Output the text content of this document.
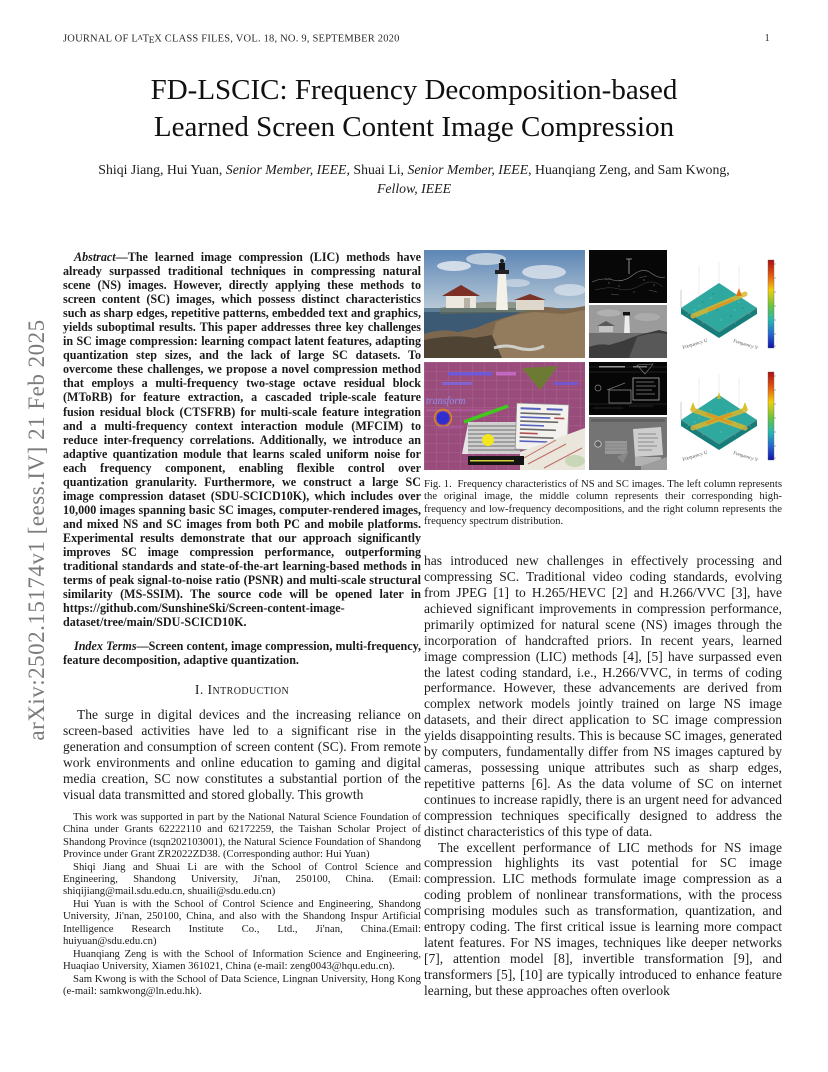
JOURNAL OF LATEX CLASS FILES, VOL. 18, NO. 9, SEPTEMBER 2020	1
arXiv:2502.15174v1 [eess.IV] 21 Feb 2025
FD-LSCIC: Frequency Decomposition-based
Learned Screen Content Image Compression
Shiqi Jiang, Hui Yuan, Senior Member, IEEE, Shuai Li, Senior Member, IEEE, Huanqiang Zeng, and Sam Kwong, Fellow, IEEE

Abstract—The learned image compression (LIC) methods have already surpassed traditional techniques in compressing natural scene (NS) images. However, directly applying these methods to screen content (SC) images, which possess distinct characteristics such as sharp edges, repetitive patterns, embedded text and graphics, yields suboptimal results. This paper addresses three key challenges in SC image compression: learning compact latent features, adapting quantization step sizes, and the lack of large SC datasets. To overcome these challenges, we propose a novel compression method that employs a multi-frequency two-stage octave residual block (MToRB) for feature extraction, a cascaded triple-scale feature fusion residual block (CTSFRB) for multi-scale feature integration and a multi-frequency context interaction module (MFCIM) to reduce inter-frequency correlations. Additionally, we introduce an adaptive quantization module that learns scaled uniform noise for each frequency component, enabling flexible control over quantization granularity. Furthermore, we construct a large SC image compression dataset (SDU-SCICD10K), which includes over 10,000 images spanning basic SC images, computer-rendered images, and mixed NS and SC images from both PC and mobile platforms. Experimental results demonstrate that our approach significantly improves SC image compression performance, outperforming traditional standards and state-of-the-art learning-based methods in terms of peak signal-to-noise ratio (PSNR) and multi-scale structural similarity (MS-SSIM). The source code will be opened later in https://github.com/SunshineSki/Screen-content-image-dataset/tree/main/SDU-SCICD10K.

Index Terms—Screen content, image compression, multi-frequency, feature decomposition, adaptive quantization.

I. Introduction

The surge in digital devices and the increasing reliance on screen-based activities have led to a significant rise in the generation and consumption of screen content (SC). From remote work environments and online education to gaming and digital media creation, SC now constitutes a substantial portion of the visual data transmitted and stored globally. This growth

This work was supported in part by the National Natural Science Foundation of China under Grants 62222110 and 62172259, the Taishan Scholar Project of Shandong Province (tsqn202103001), the Natural Science Foundation of Shandong Province under Grant ZR2022ZD38. (Corresponding author: Hui Yuan)

Shiqi Jiang and Shuai Li are with the School of Control Science and Engineering, Shandong University, Ji'nan, 250100, China. (Email: shiqijiang@mail.sdu.edu.cn, shuaili@sdu.edu.cn)

Hui Yuan is with the School of Control Science and Engineering, Shandong University, Ji'nan, 250100, China, and also with the Shandong Inspur Artificial Intelligence Research Institute Co., Ltd., Ji'nan, China.(Email: huiyuan@sdu.edu.cn)

Huanqiang Zeng is with the School of Information Science and Engineering, Huaqiao University, Xiamen 361021, China (e-mail: zeng0043@hqu.edu.cn).

Sam Kwong is with the School of Data Science, Lingnan University, Hong Kong (e-mail: samkwong@ln.edu.hk).

transform
Frequency U	Frequency V
Frequency U	Frequency V
Fig. 1. Frequency characteristics of NS and SC images. The left column represents the original image, the middle column represents their corresponding high-frequency and low-frequency decompositions, and the right column represents the frequency spectrum distribution.

has introduced new challenges in effectively processing and compressing SC. Traditional video coding standards, evolving from JPEG [1] to H.265/HEVC [2] and H.266/VVC [3], have achieved significant improvements in compression performance, primarily optimized for natural scene (NS) images through the incorporation of handcrafted priors. In recent years, learned image compression (LIC) methods [4], [5] have surpassed even the latest coding standard, i.e., H.266/VVC, in terms of coding performance. However, these advancements are derived from complex network models jointly trained on large NS image datasets, and their direct application to SC image compression yields disappointing results. This is because SC images, generated by computers, fundamentally differ from NS images captured by cameras, possessing unique attributes such as sharp edges, repetitive patterns [6]. As the data volume of SC on internet continues to increase rapidly, there is an urgent need for advanced compression techniques specifically designed to address the distinct characteristics of this type of data.

The excellent performance of LIC methods for NS image compression highlights its vast potential for SC image compression. LIC methods formulate image compression as a coding problem of nonlinear transformations, with the process comprising modules such as transformation, quantization, and entropy coding. The first critical issue is learning more compact latent features. For NS images, techniques like deeper networks [7], attention model [8], invertible transformation [9], and transformers [5], [10] are typically introduced to enhance feature learning, but these approaches often overlook
